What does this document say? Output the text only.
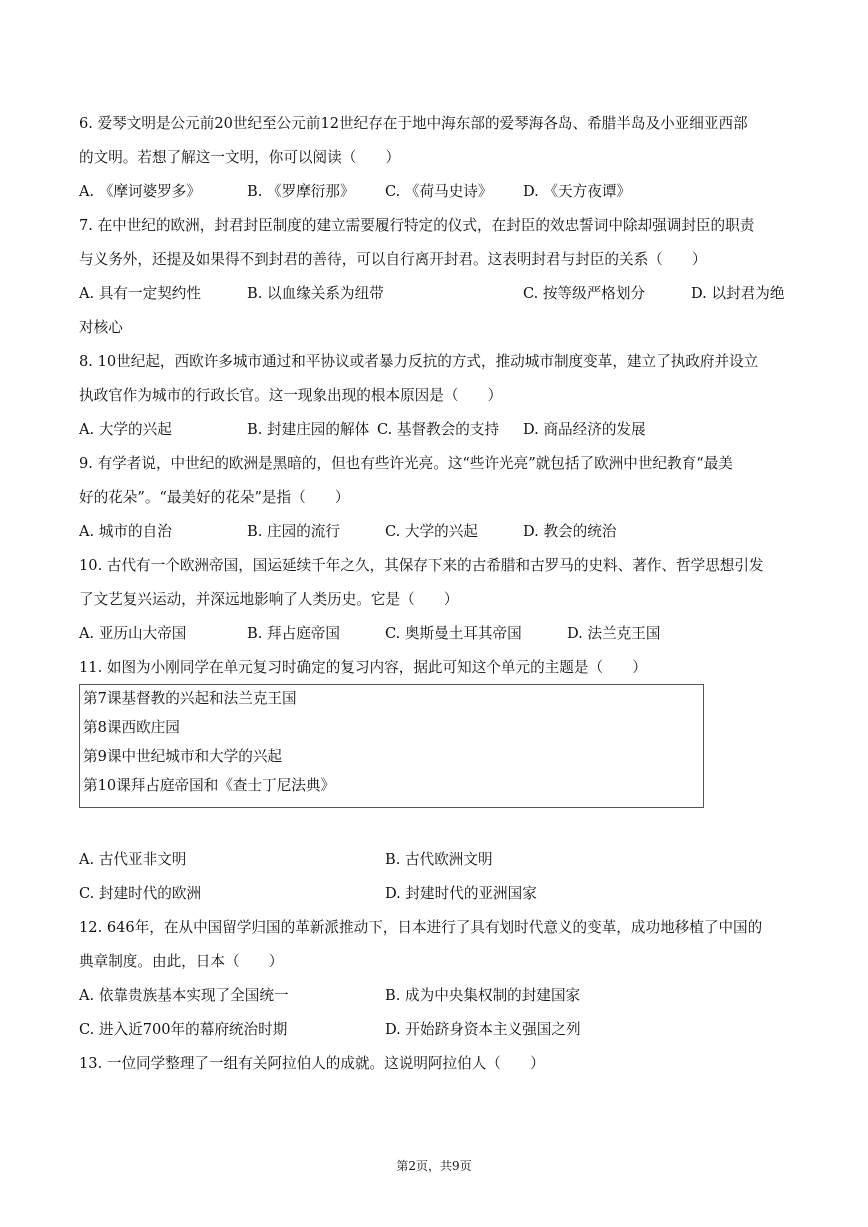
6. 爱琴文明是公元前20世纪至公元前12世纪存在于地中海东部的爱琴海各岛、希腊半岛及小亚细亚西部
的文明。若想了解这一文明，你可以阅读（　　）
A. 《摩诃婆罗多》	B. 《罗摩衍那》 C. 《荷马史诗》 D. 《天方夜谭》
7. 在中世纪的欧洲，封君封臣制度的建立需要履行特定的仪式，在封臣的效忠誓词中除却强调封臣的职责
与义务外，还提及如果得不到封君的善待，可以自行离开封君。这表明封君与封臣的关系（　　）
A. 具有一定契约性	B. 以血缘关系为纽带	C. 按等级严格划分	D. 以封君为绝
对核心
8. 10世纪起，西欧许多城市通过和平协议或者暴力反抗的方式，推动城市制度变革，建立了执政府并设立
执政官作为城市的行政长官。这一现象出现的根本原因是（　　）
A. 大学的兴起	B. 封建庄园的解体 C. 基督教会的支持 D. 商品经济的发展
9. 有学者说，中世纪的欧洲是黑暗的，但也有些许光亮。这“些许光亮”就包括了欧洲中世纪教育“最美
好的花朵”。“最美好的花朵”是指（　　）
A. 城市的自治	B. 庄园的流行	C. 大学的兴起	D. 教会的统治
10. 古代有一个欧洲帝国，国运延续千年之久，其保存下来的古希腊和古罗马的史料、著作、哲学思想引发
了文艺复兴运动，并深远地影响了人类历史。它是（　　）
A. 亚历山大帝国	B. 拜占庭帝国	C. 奥斯曼土耳其帝国	D. 法兰克王国
11. 如图为小刚同学在单元复习时确定的复习内容，据此可知这个单元的主题是（　　）
第7课基督教的兴起和法兰克王国
第8课西欧庄园
第9课中世纪城市和大学的兴起
第10课拜占庭帝国和《查士丁尼法典》
A. 古代亚非文明	B. 古代欧洲文明
C. 封建时代的欧洲	D. 封建时代的亚洲国家
12. 646年，在从中国留学归国的革新派推动下，日本进行了具有划时代意义的变革，成功地移植了中国的
典章制度。由此，日本（　　）
A. 依靠贵族基本实现了全国统一	B. 成为中央集权制的封建国家
C. 进入近700年的幕府统治时期	D. 开始跻身资本主义强国之列
13. 一位同学整理了一组有关阿拉伯人的成就。这说明阿拉伯人（　　）
第2页，共9页
